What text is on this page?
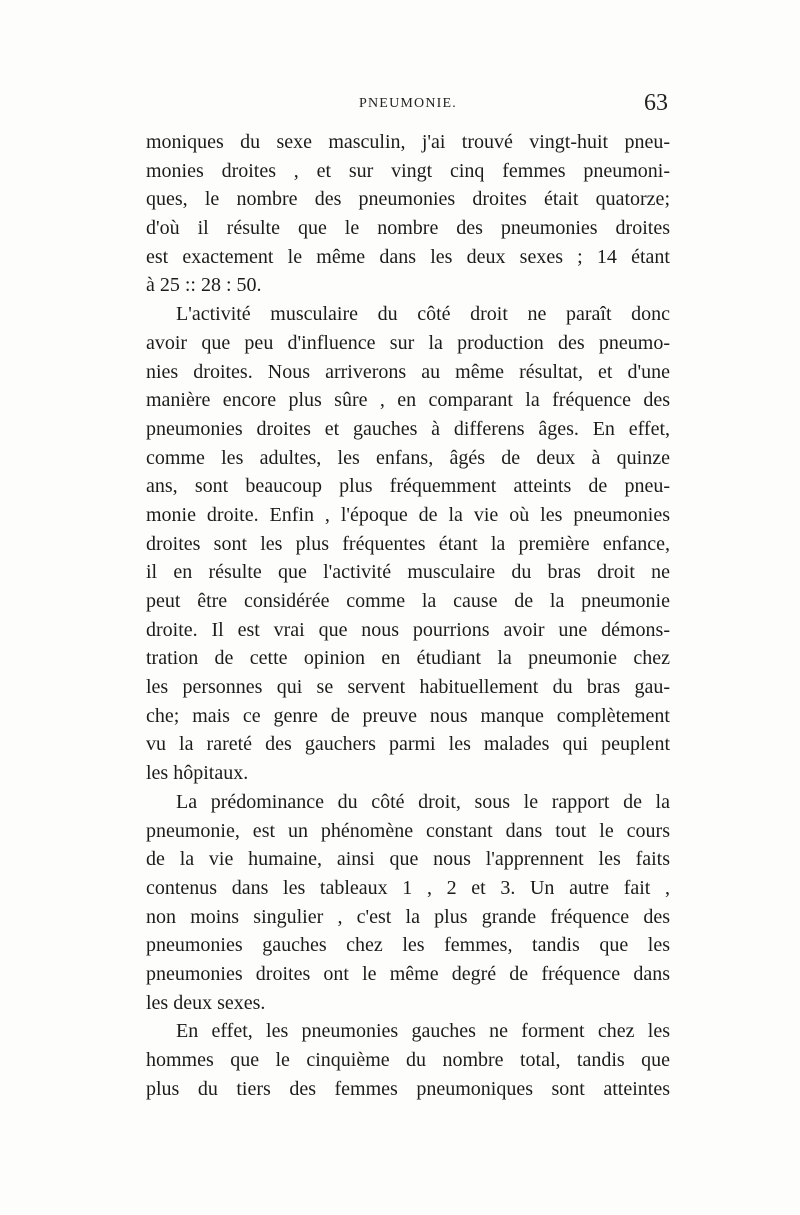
PNEUMONIE.	63
moniques du sexe masculin, j'ai trouvé vingt-huit pneu-
monies droites , et sur vingt cinq femmes pneumoni-
ques, le nombre des pneumonies droites était quatorze;
d'où il résulte que le nombre des pneumonies droites
est exactement le même dans les deux sexes ; 14 étant
à 25 :: 28 : 50.
L'activité musculaire du côté droit ne paraît donc
avoir que peu d'influence sur la production des pneumo-
nies droites. Nous arriverons au même résultat, et d'une
manière encore plus sûre , en comparant la fréquence des
pneumonies droites et gauches à differens âges. En effet,
comme les adultes, les enfans, âgés de deux à quinze
ans, sont beaucoup plus fréquemment atteints de pneu-
monie droite. Enfin , l'époque de la vie où les pneumonies
droites sont les plus fréquentes étant la première enfance,
il en résulte que l'activité musculaire du bras droit ne
peut être considérée comme la cause de la pneumonie
droite. Il est vrai que nous pourrions avoir une démons-
tration de cette opinion en étudiant la pneumonie chez
les personnes qui se servent habituellement du bras gau-
che; mais ce genre de preuve nous manque complètement
vu la rareté des gauchers parmi les malades qui peuplent
les hôpitaux.
La prédominance du côté droit, sous le rapport de la
pneumonie, est un phénomène constant dans tout le cours
de la vie humaine, ainsi que nous l'apprennent les faits
contenus dans les tableaux 1 , 2 et 3. Un autre fait ,
non moins singulier , c'est la plus grande fréquence des
pneumonies gauches chez les femmes, tandis que les
pneumonies droites ont le même degré de fréquence dans
les deux sexes.
En effet, les pneumonies gauches ne forment chez les
hommes que le cinquième du nombre total, tandis que
plus du tiers des femmes pneumoniques sont atteintes
